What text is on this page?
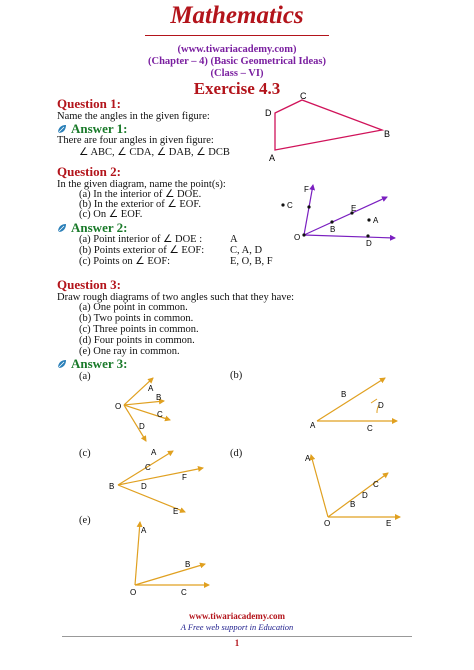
Mathematics
(www.tiwariacademy.com)
(Chapter – 4) (Basic Geometrical Ideas)
(Class – VI)
Exercise 4.3
Question 1:
Name the angles in the given figure:
Answer 1:
There are four angles in given figure:
∠ ABC, ∠ CDA, ∠ DAB, ∠ DCB
D
C
B
A
Question 2:
In the given diagram, name the point(s):
(a) In the interior of ∠ DOE.
(b) In the exterior of ∠ EOF.
(c) On ∠ EOF.
Answer 2:
(a) Point interior of ∠ DOE :	A
(b) Points exterior of ∠ EOF: C, A, D
(c) Points on ∠ EOF:	E, O, B, F
O
B
E
F
C
A
D
Question 3:
Draw rough diagrams of two angles such that they have:
(a) One point in common.
(b) Two points in common.
(c) Three points in common.
(d) Four points in common.
(e) One ray in common.
Answer 3:
(a)	(b)
(c)	(d)
(e)
O
A
B
C
D	A
B
C
D
B
A
C
D
F
E
O
A
B
C
D
E
O
A
B
C
www.tiwariacademy.com
A Free web support in Education
1
